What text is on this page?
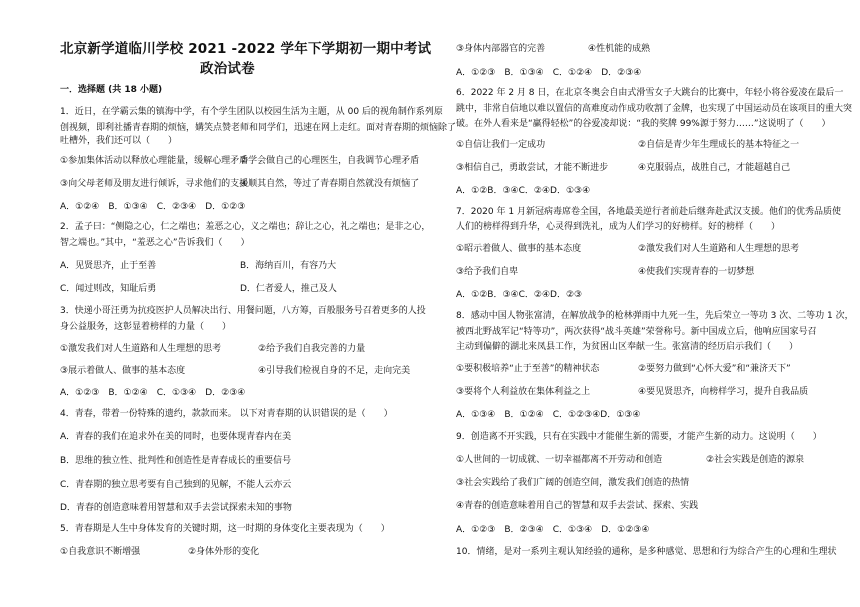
北京新学道临川学校 2021 -2022 学年下学期初一期中考试
政治试卷
一．选择题 (共 18 小题)
1．近日，在学霸云集的镇海中学，有个学生团队以校园生活为主题，从 00 后的视角制作系列原
创视频，即利社播青春期的烦恼，媾笑点赞老师和同学们，迅速在网上走红。面对青春期的烦恼除了
吐槽外，我们还可以（　　）
①参加集体活动以释放心理能量，缓解心理矛盾
②学会做自己的心理医生，自我调节心理矛盾
③向父母老师及朋友进行倾诉，寻求他们的支援
④顺其自然，等过了青春期自然就没有烦恼了
A．①②④　B．①③④　C．②③④　D．①②③
2．孟子曰：“侧隐之心，仁之端也；羞恶之心，义之端也；辞让之心，礼之端也；是非之心，
智之端也。”其中，“羞恶之心”告诉我们（　　）
A．见贤思齐，止于至善	B．海纳百川，有容乃大
C．闻过则改，知耻后勇	D．仁者爱人，推己及人
3．快递小哥汪勇为抗疫医护人员解决出行、用餐问题，八方筹，百般服务号召着更多的人投
身公益服务，这彰显着榜样的力量（　　）
①激发我们对人生道路和人生理想的思考	②给予我们自我完善的力量
③展示着做人、做事的基本态度	④引导我们检视自身的不足，走向完美
A．①②③　B．①②④　C．①③④　D．②③④
4．青春，带着一份特殊的遗约，款款而来。 以下对青春期的认识错误的是（　　）
A．青春的我们在追求外在美的同时，也要体现青春内在美
B．思维的独立性、批判性和创造性是青春成长的重要信号
C．青春期的独立思考要有自己独到的见解，不能人云亦云
D．青春的创造意味着用智慧和双手去尝试探索未知的事物
5．青春期是人生中身体发育的关键时期，这一时期的身体变化主要表现为（　　）
①自我意识不断增强	②身体外形的变化
③身体内部器官的完善	④性机能的成熟
A．①②③　B．①③④　C．①②④　D．②③④
6．2022 年 2 月 8 日，在北京冬奥会自由式滑雪女子大跳台的比赛中，年轻小将谷爱凌在最后一
跳中，非常自信地以难以置信的高难度动作成功收割了金牌，也实现了中国运动员在该项目的重大突
破。在外人看来是“赢得轻松”的谷爱凌却说：“我的奖牌 99%源于努力……”这说明了（　　）
①自信让我们一定成功	②自信是青少年生理成长的基本特征之一
③相信自己，勇敢尝试，才能不断进步	④克服弱点，战胜自己，才能超越自己
A．①②B．③④C．②④D．①③④
7．2020 年 1 月新冠病毒席卷全国，各地最美逆行者前赴后继奔赴武汉支援。他们的优秀品质使
人们的榜样得到升华，心灵得到洗礼，成为人们学习的好榜样。好的榜样（　　）
①昭示着做人、做事的基本态度	②激发我们对人生道路和人生理想的思考
③给予我们自卑	④使我们实现青春的一切梦想
A．①②B．③④C．②④D．②③
8．感动中国人物张富清，在解放战争的枪林弹雨中九死一生，先后荣立一等功 3 次、二等功 1 次，
被西北野战军记“特等功”，两次获得“战斗英雄”荣誉称号。新中国成立后，他响应国家号召
主动到偏僻的湖北来凤县工作，为贫困山区奉献一生。张富清的经历启示我们（　　）
①要积极培养“止于至善”的精神状态	②要努力做到“心怀大爱”和“兼济天下”
③要将个人利益放在集体利益之上	④要见贤思齐，向榜样学习，提升自我品质
A．①③④　B．①②④　C．①②③④D．①③④
9．创造离不开实践，只有在实践中才能催生新的需要，才能产生新的动力。这说明（　　）
①人世间的一切成就、一切幸福都离不开劳动和创造	②社会实践是创造的源泉
③社会实践给了我们广阔的创造空间，激发我们创造的热情
④青春的创造意味着用自己的智慧和双手去尝试、探索、实践
A．①②③　B．②③④　C．①③④　D．①②③④
10．情绪，是对一系列主观认知经验的通称，是多种感觉、思想和行为综合产生的心理和生理状
